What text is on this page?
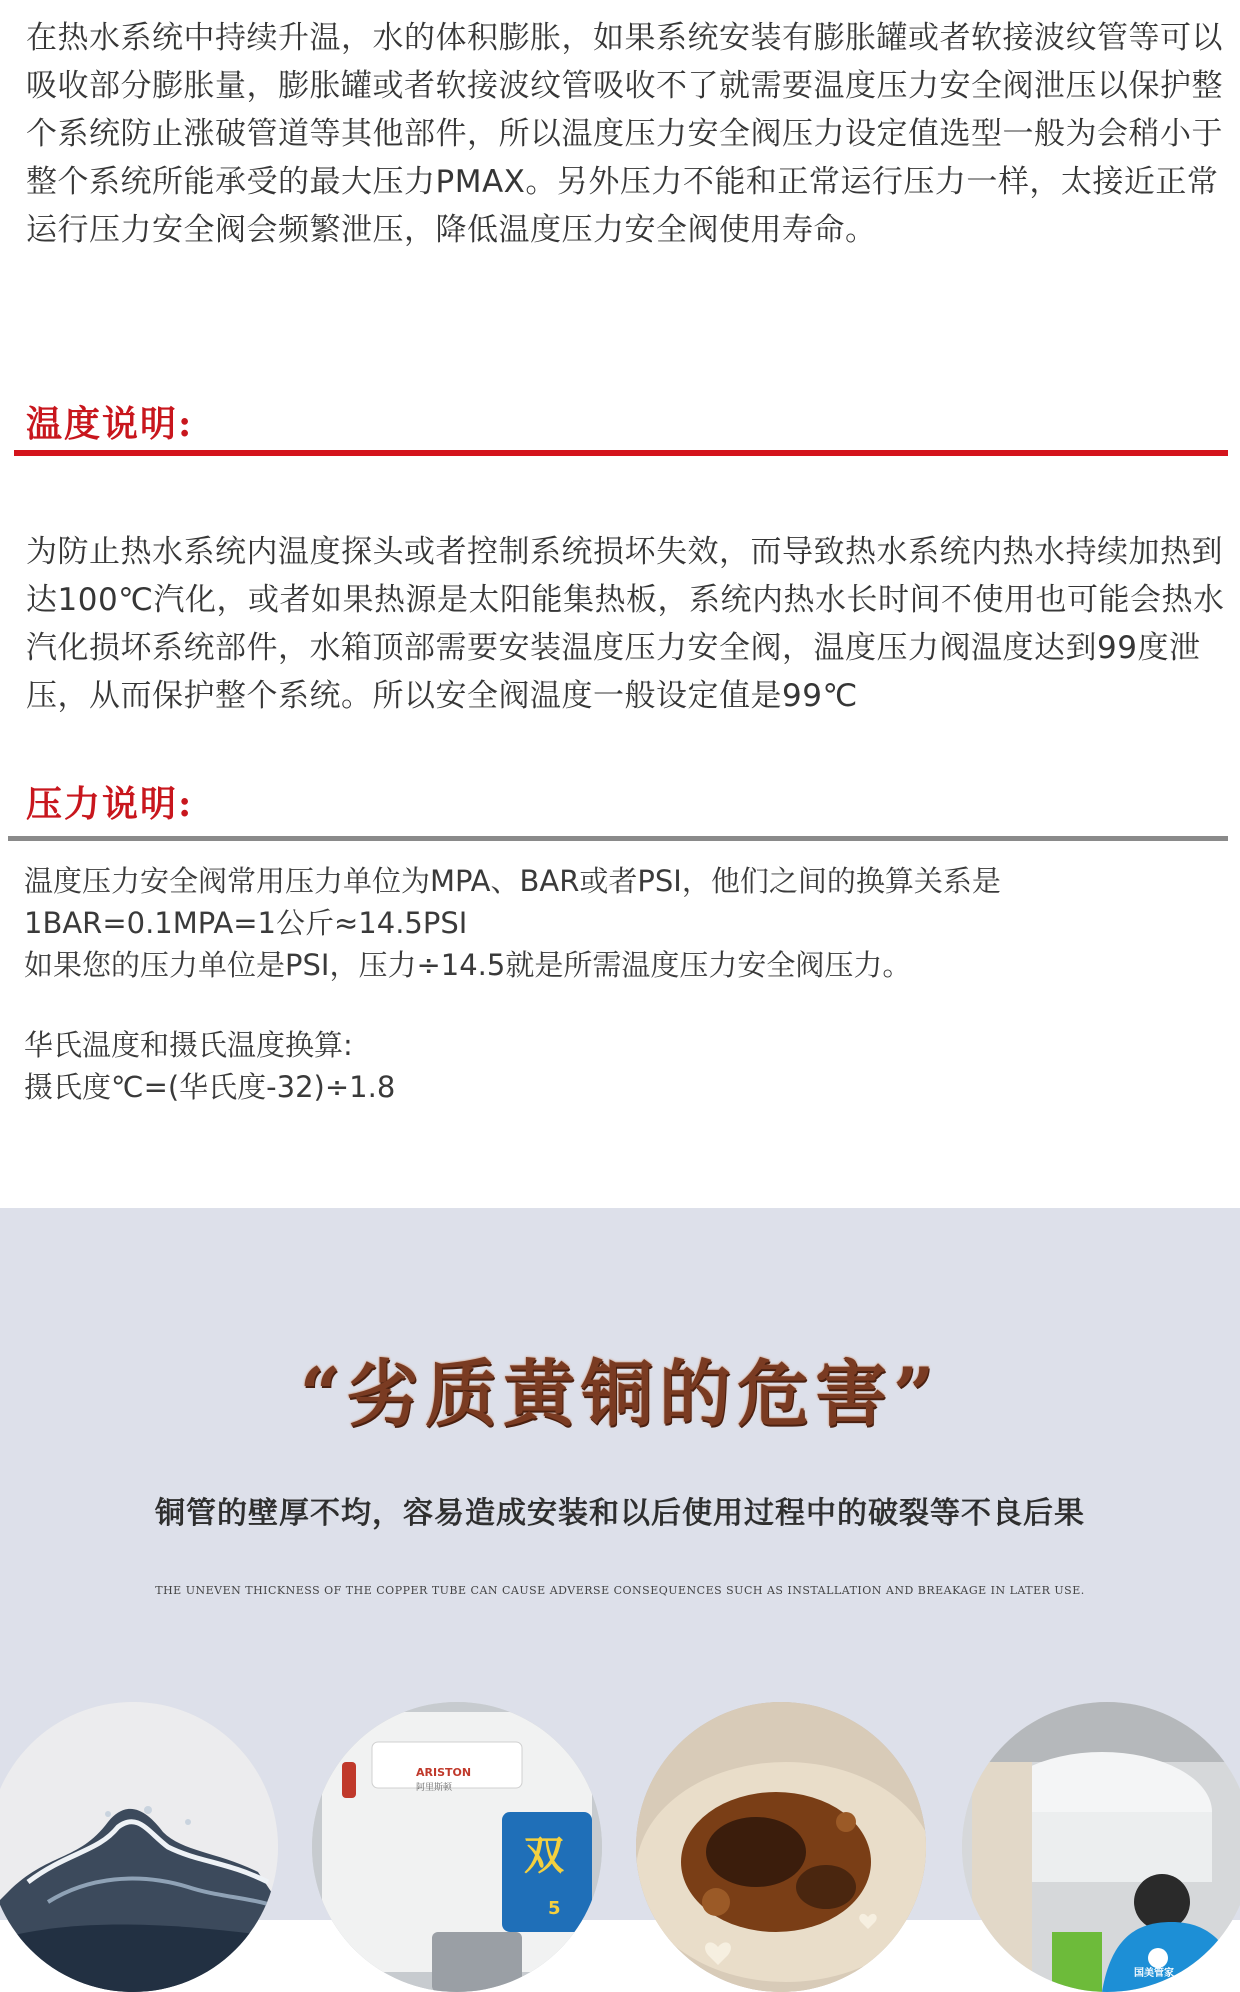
在热水系统中持续升温，水的体积膨胀，如果系统安装有膨胀罐或者软接波纹管等可以吸收部分膨胀量，膨胀罐或者软接波纹管吸收不了就需要温度压力安全阀泄压以保护整个系统防止涨破管道等其他部件，所以温度压力安全阀压力设定值选型一般为会稍小于整个系统所能承受的最大压力PMAX。另外压力不能和正常运行压力一样，太接近正常运行压力安全阀会频繁泄压，降低温度压力安全阀使用寿命。

温度说明:

为防止热水系统内温度探头或者控制系统损坏失效，而导致热水系统内热水持续加热到达100℃汽化，或者如果热源是太阳能集热板，系统内热水长时间不使用也可能会热水汽化损坏系统部件，水箱顶部需要安装温度压力安全阀，温度压力阀温度达到99度泄压，从而保护整个系统。所以安全阀温度一般设定值是99℃

压力说明:
温度压力安全阀常用压力单位为MPA、BAR或者PSI，他们之间的换算关系是
1BAR=0.1MPA=1公斤≈14.5PSI
如果您的压力单位是PSI，压力÷14.5就是所需温度压力安全阀压力。
华氏温度和摄氏温度换算:
摄氏度℃=(华氏度-32)÷1.8
“劣质黄铜的危害”
铜管的壁厚不均，容易造成安装和以后使用过程中的破裂等不良后果
THE UNEVEN THICKNESS OF THE COPPER TUBE CAN CAUSE ADVERSE CONSEQUENCES SUCH AS INSTALLATION AND BREAKAGE IN LATER USE.
ARISTON
阿里斯顿
双
5
国美管家
